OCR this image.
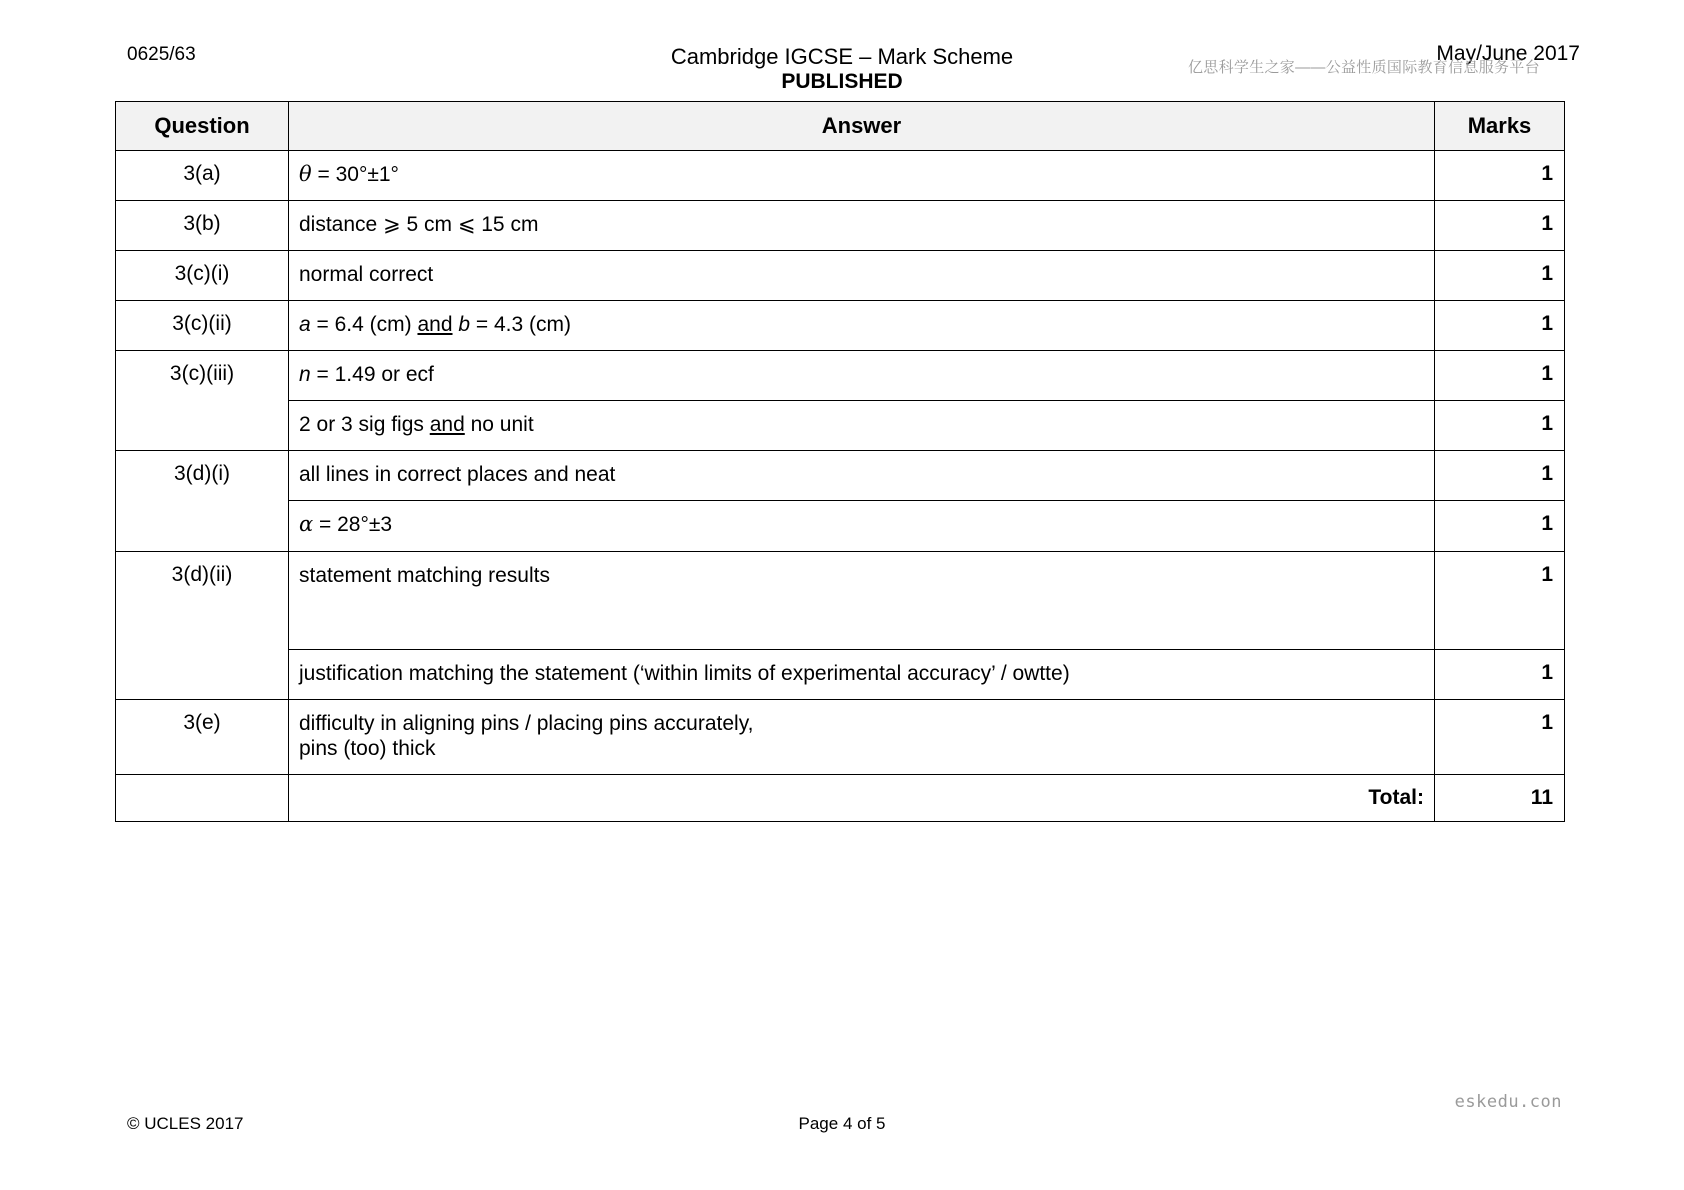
0625/63	Cambridge IGCSE – Mark Scheme
PUBLISHED
May/June 2017
亿思科学生之家——公益性质国际教育信息服务平台
Question	Answer	Marks
3(a)	θ = 30°±1°	1
3(b)	distance ⩾ 5 cm ⩽ 15 cm	1
3(c)(i)	normal correct	1
3(c)(ii)	a = 6.4 (cm) and b = 4.3 (cm)	1
3(c)(iii)	n = 1.49 or ecf	1
	2 or 3 sig figs and no unit	1
3(d)(i)	all lines in correct places and neat	1
	α = 28°±3	1
3(d)(ii)	statement matching results	1
	justification matching the statement (‘within limits of experimental accuracy’ / owtte)	1
3(e)	difficulty in aligning pins / placing pins accurately,
pins (too) thick	1
	Total:	11
eskedu.con
© UCLES 2017	Page 4 of 5
